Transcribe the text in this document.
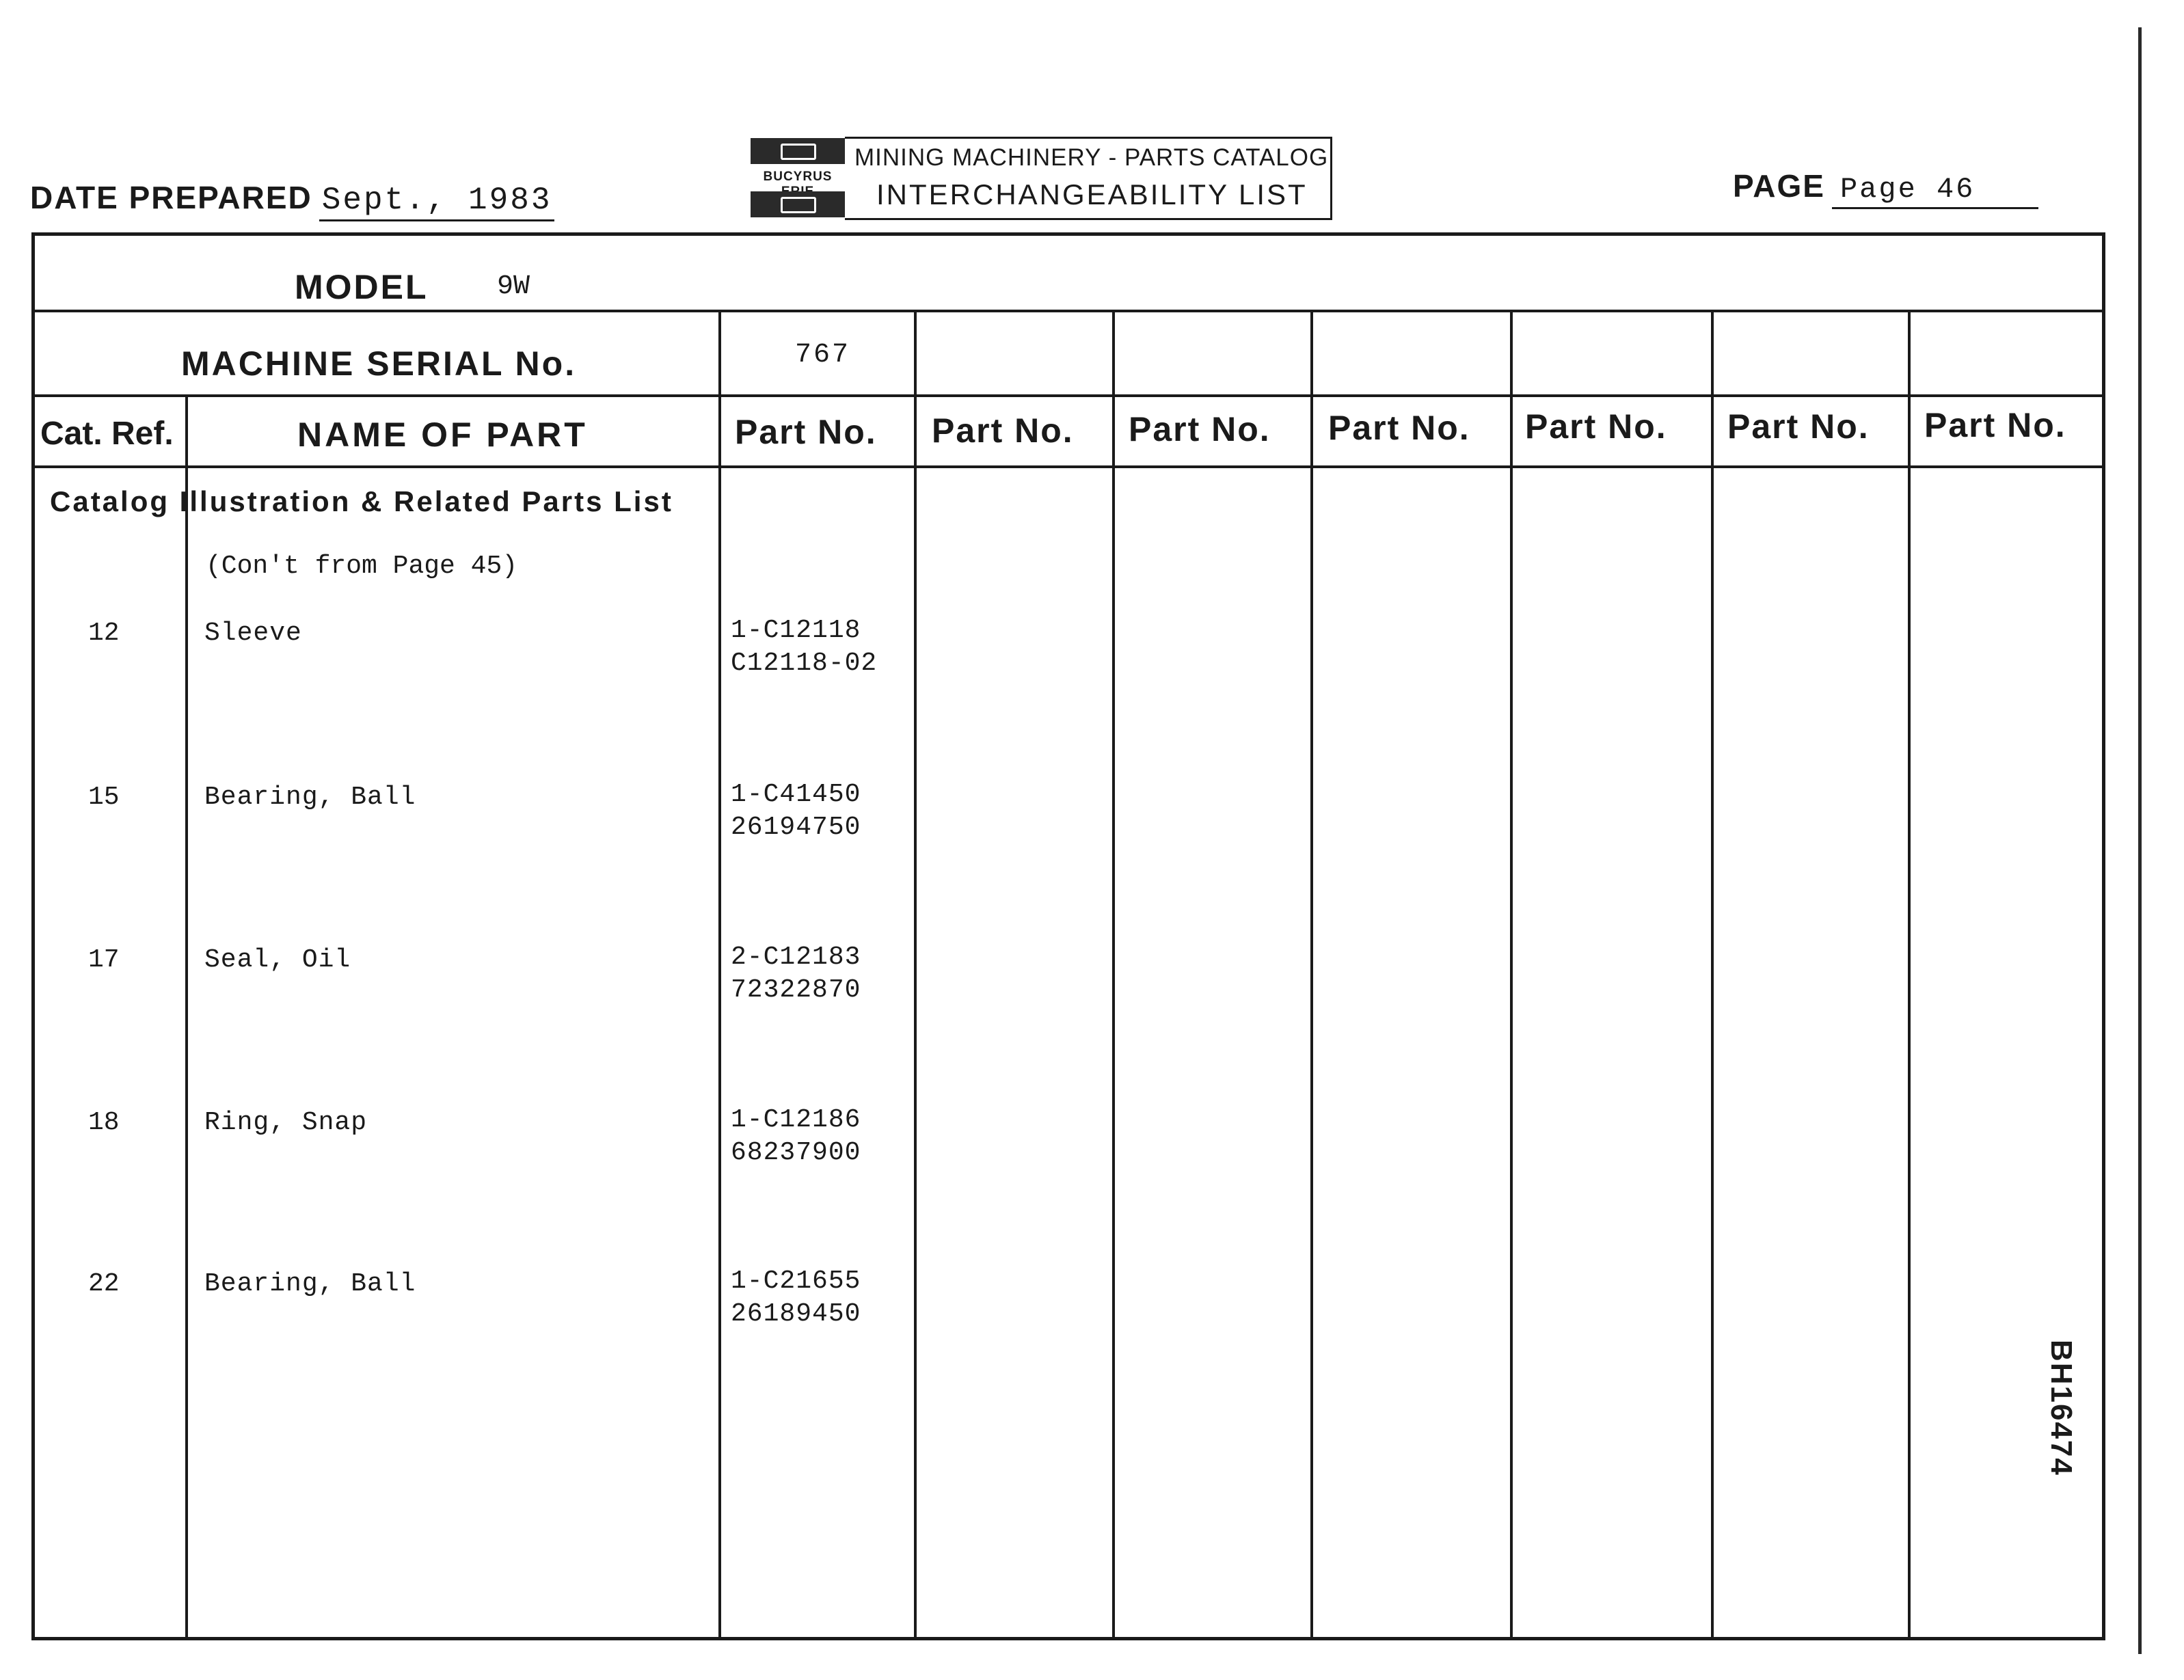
DATE PREPARED Sept., 1983
BUCYRUS
MINING MACHINERY - PARTS CATALOG
INTERCHANGEABILITY LIST	PAGE Page 46
MODEL	9W
MACHINE SERIAL No.	767
Cat. Ref.	NAME OF PART	Part No. Part No. Part No. Part No. Part No. Part No. Part No.
Catalog Illustration & Related Parts List
(Con't from Page 45)
12	Sleeve	1-C12118
C12118-02
15	Bearing, Ball	1-C41450
26194750
17	Seal, Oil	2-C12183
72322870
18	Ring, Snap	1-C12186
68237900
22	Bearing, Ball	1-C21655
26189450
BH16474
